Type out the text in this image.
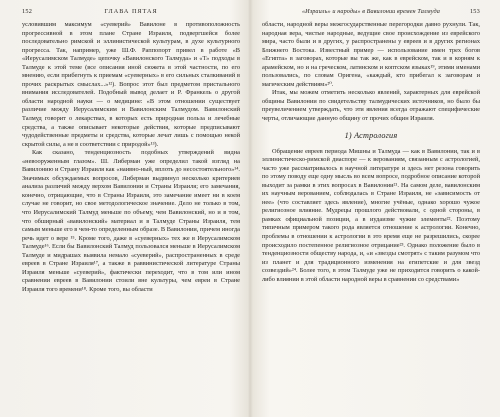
152	ГЛАВА ПЯТАЯ

условившим максимум «суеверий» Вавилоне в противоположность прогрессивной в этом плане Стране Израиля, подвергшейся более последовательно римской и эллинистической культурам, в духе культурного прогресса. Так, например, уже Ш.Ф. Раппопорт привел в работе «В «Иерусалимском Талмуде» цепочку «Вавилонского Талмуда» и «Т» подходы в Талмуде к этой теме (все описания иной сюжета в этой частности, по его мнению, если прибегнуть к приемам «суеверных» в его сильных сталкиваний в прочих раскрытых смыслах...»¹²). Вопрос этот был предметом пристального внимания исследователей. Подобный вывод делает и Р. Франкель о другой области народной науки — о медицине: «В этом отношении существует различие между Иерусалимским и Вавилонским Талмудом. Вавилонский Талмуд говорит о лекарствах, в которых есть природная польза и лечебные средства, а также описывает некоторые действия, которые предписывают чудодейственные предметы и средства, которые лечат лишь с помощью некой скрытой силы, а не в соответствии с природой»¹³).

Как сказано, тенденциозность подобных утверждений видна «невооруженным глазом». Ш. Либерман уже определил такой взгляд на Вавилонию и Страну Израиля как «наивно-ный, вплоть до несостоятельного»¹⁴. Значимых обсуждаемых вопросов, Либерман выдвинул несколько критериев анализа различий между верхом Вавилонии и Страны Израиля; его замечания, конечно, отрицающие, что в Страны Израиля, это замечание имеет ни в коем случае не говорит, но свое методологическое значение. Дело не только в том, что Иерусалимский Талмуд меньше по объему, чем Вавилонский, но и в том, что обширный «вавилонский» материал и в Талмуде Страны Израиля, тем самым меньше его в чем-то определенным образе. В Вавилонии, причем иногда речь идет о вере ¹⁵. Кроме того, даже в «суеверных» тех же в Иерусалимском Талмуде¹⁶. Если бы Вавилонский Талмуд пользовался меньше в Иерусалимском Талмуде и мидрашах выявила немало «суеверий», распространенных в среде евреев в Стране Израиля¹⁷, а также в раввинистической литературе Страны Израиля меньше «суеверий», фактически переходит, что в том или ином сравнении евреев в Вавилонии стоили вне культуры, чем евреи в Стране Израиля того времени¹⁸. Кроме того, вы области

«Израиль» и народы» в Вавилонии времен Талмуда	153

области, народной веры межгосударственные перегородки давно рухнули. Так, народная вера, чистые народные, ведущие свое происхождение из еврейского мира, часто были и в других, у распространены у евреев и в других регионах Ближнего Востока. Известный пример — использование имен трех богов «Египта» в заговорах, которые вы так же, как в еврейском, так и в корням к арамейском, но и на греческом, латинском и коптском языках¹⁹, этими именами пользовались, по словам Оригена, «каждый, кто прибегал к заговорам и магическим действиям»²⁰.

Итак, мы можем отметить несколько явлений, характерных для еврейской общины Вавилонии по свидетельству талмудических источников, но было бы преувеличением утверждать, что эти явления всегда отражают специфические черты, отличающие данную общину от прочих общин Израиля.

1) Астрология

Обращение евреев периода Мишны и Талмуда — как в Вавилонии, так и в эллинистическо-римской диаспоре — к верованиям, связанным с астрологией, часто уже рассматривалось в научной литературе и здесь нет резона говорить по этому поводу еще одну мысль во всем вопросе, подробное описание которой выходит за рамки в этих вопросах в Вавилонии²¹. На самом деле, вавилонским их научным верованием, соблюдалась в Стране Израиля, не «зависимость от нее» (что составляет здесь явление), многие учёные, однако хорошо чужое религиозное влияние. Мудрецы прошлого действовали, с одной стороны, в рамках официальной позиции, а в иудаизме чужие элементы²². Поэтому типичным примером такого рода является отношение к астрологии. Конечно, проблемы в отношении к астрологии в это время еще не разрешились, скорее происходило постепенное религиозное отрицание²³. Однако положение было в тенденциозности обществу народа, и, «и «звезды смотрят» с таким разумом что из планет и для традиционного изменения на египетские и для звезд созвездий»²⁴. Более того, в этом Талмуде уже не приходится говорить о какой-либо влиянии в этой области народной веры в сравнении со средствами»
